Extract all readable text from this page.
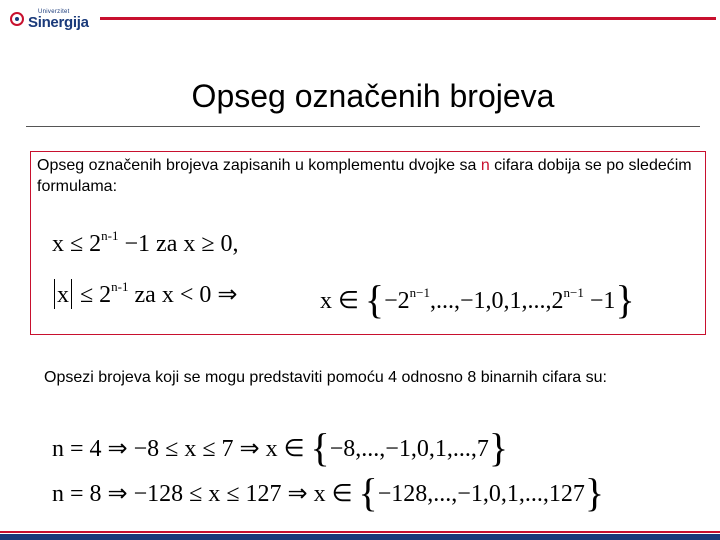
Univerzitet
Sinergija
Opseg označenih brojeva
Opseg označenih brojeva zapisanih u komplementu dvojke sa n cifara dobija se po sledećim formulama:
$x \le 2^{n-1} -1$ za x ≥ 0,
$x \le 2^{n-1}$ za x < 0 ⇒	x ∈ $\{-2^{n-1},...,-1,0,1,...,2^{n-1} -1\}$
Opsezi brojeva koji se mogu predstaviti pomoću 4 odnosno 8 binarnih cifara su:
n = 4 ⇒ −8 ≤ x ≤ 7 ⇒ x ∈ {−8,...,−1,0,1,...,7}
n = 8 ⇒ −128 ≤ x ≤ 127 ⇒ x ∈ {−128,...,−1,0,1,...,127}
